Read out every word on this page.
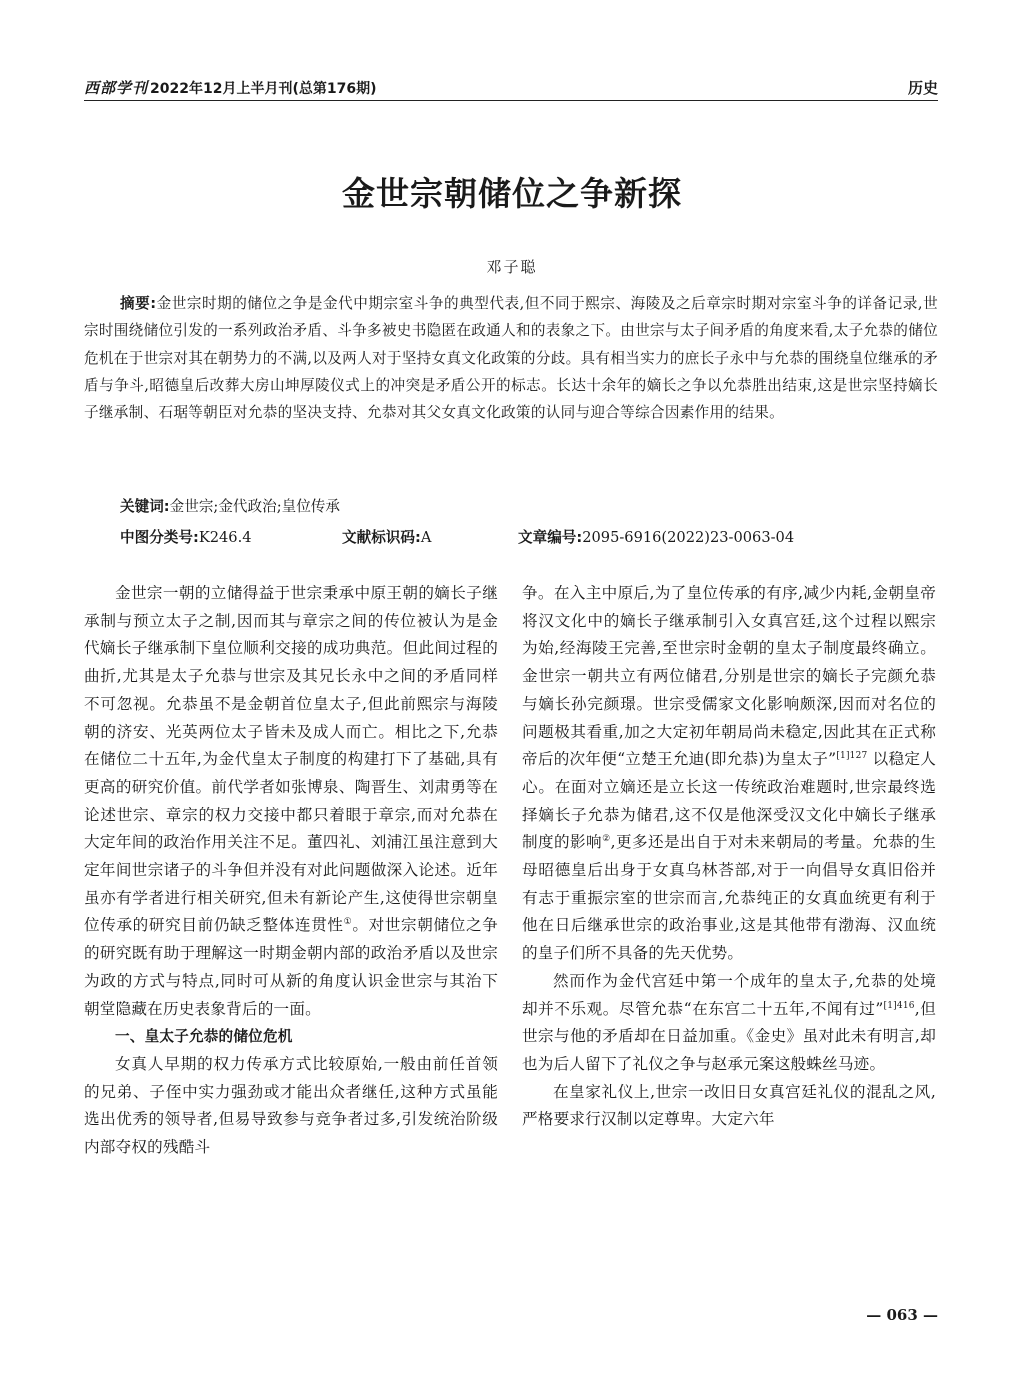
西部学刊 2022年12月上半月刊(总第176期)	历史
金世宗朝储位之争新探
邓子聪

摘要:金世宗时期的储位之争是金代中期宗室斗争的典型代表,但不同于熙宗、海陵及之后章宗时期对宗室斗争的详备记录,世宗时围绕储位引发的一系列政治矛盾、斗争多被史书隐匿在政通人和的表象之下。由世宗与太子间矛盾的角度来看,太子允恭的储位危机在于世宗对其在朝势力的不满,以及两人对于坚持女真文化政策的分歧。具有相当实力的庶长子永中与允恭的围绕皇位继承的矛盾与争斗,昭德皇后改葬大房山坤厚陵仪式上的冲突是矛盾公开的标志。长达十余年的嫡长之争以允恭胜出结束,这是世宗坚持嫡长子继承制、石琚等朝臣对允恭的坚决支持、允恭对其父女真文化政策的认同与迎合等综合因素作用的结果。

关键词:金世宗;金代政治;皇位传承
中图分类号:K246.4	文献标识码:A	文章编号:2095-6916(2022)23-0063-04

金世宗一朝的立储得益于世宗秉承中原王朝的嫡长子继承制与预立太子之制,因而其与章宗之间的传位被认为是金代嫡长子继承制下皇位顺利交接的成功典范。但此间过程的曲折,尤其是太子允恭与世宗及其兄长永中之间的矛盾同样不可忽视。允恭虽不是金朝首位皇太子,但此前熙宗与海陵朝的济安、光英两位太子皆未及成人而亡。相比之下,允恭在储位二十五年,为金代皇太子制度的构建打下了基础,具有更高的研究价值。前代学者如张博泉、陶晋生、刘肃勇等在论述世宗、章宗的权力交接中都只着眼于章宗,而对允恭在大定年间的政治作用关注不足。董四礼、刘浦江虽注意到大定年间世宗诸子的斗争但并没有对此问题做深入论述。近年虽亦有学者进行相关研究,但未有新论产生,这使得世宗朝皇位传承的研究目前仍缺乏整体连贯性①。对世宗朝储位之争的研究既有助于理解这一时期金朝内部的政治矛盾以及世宗为政的方式与特点,同时可从新的角度认识金世宗与其治下朝堂隐藏在历史表象背后的一面。

一、皇太子允恭的储位危机

女真人早期的权力传承方式比较原始,一般由前任首领的兄弟、子侄中实力强劲或才能出众者继任,这种方式虽能选出优秀的领导者,但易导致参与竞争者过多,引发统治阶级内部夺权的残酷斗

争。在入主中原后,为了皇位传承的有序,减少内耗,金朝皇帝将汉文化中的嫡长子继承制引入女真宫廷,这个过程以熙宗为始,经海陵王完善,至世宗时金朝的皇太子制度最终确立。金世宗一朝共立有两位储君,分别是世宗的嫡长子完颜允恭与嫡长孙完颜璟。世宗受儒家文化影响颇深,因而对名位的问题极其看重,加之大定初年朝局尚未稳定,因此其在正式称帝后的次年便“立楚王允迪(即允恭)为皇太子”$^{[1]127}$ 以稳定人心。在面对立嫡还是立长这一传统政治难题时,世宗最终选择嫡长子允恭为储君,这不仅是他深受汉文化中嫡长子继承制度的影响②,更多还是出自于对未来朝局的考量。允恭的生母昭德皇后出身于女真乌林荅部,对于一向倡导女真旧俗并有志于重振宗室的世宗而言,允恭纯正的女真血统更有利于他在日后继承世宗的政治事业,这是其他带有渤海、汉血统的皇子们所不具备的先天优势。

然而作为金代宫廷中第一个成年的皇太子,允恭的处境却并不乐观。尽管允恭“在东宫二十五年,不闻有过”$^{[1]416}$,但世宗与他的矛盾却在日益加重。《金史》虽对此未有明言,却也为后人留下了礼仪之争与赵承元案这般蛛丝马迹。

在皇家礼仪上,世宗一改旧日女真宫廷礼仪的混乱之风,严格要求行汉制以定尊卑。大定六年

— 063 —
